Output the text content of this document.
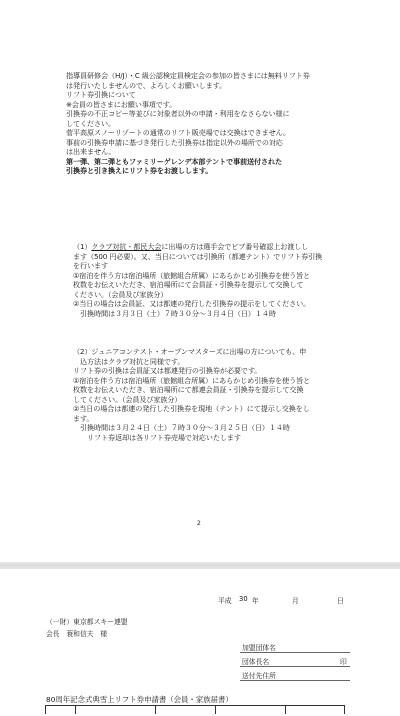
指導員研修会（H/J）・C 級公認検定員検定会の参加の皆さまには無料リフト券
は発行いたしませんので、よろしくお願いします。
リフト券引換について
※会員の皆さまにお願い事項です。
引換券の不正コピー等並びに対象者以外の申請・利用をなさらない様に
してください。
菅平高原スノーリゾートの通常のリフト販売場では交換はできません。
事前の引換券申請に基づき発行した引換券は指定以外の場所での対応
は出来ません。
第一弾、第二弾ともファミリーゲレンデ本部テントで事前送付された
引換券と引き換えにリフト券をお渡しします。
（1）クラブ対抗・都民大会に出場の方は選手会でビブ番号確認上お渡しし
ます（500 円必要）。又、当日については引換所（都連テント）でリフト券引換
を行います
①宿泊を伴う方は宿泊場所（旅館組合所属）にあらかじめ引換券を使う旨と
枚数をお伝えいただき、宿泊場所にて会員証・引換券を提示して交換して
ください。（会員及び家族分）
②当日の場合は会員証、又は都連の発行した引換券の提示をしてください。
　引換時間は３月３日（土）７時３０分～３月４日（日）１４時
（2）ジュニアコンテスト・オープンマスターズに出場の方についても、申
　込方法はクラブ対抗と同様です。
リフト券の引換は会員証又は都連発行の引換券が必要です。
①宿泊を伴う方は宿泊場所（旅館組合所属）にあらかじめ引換券を使う旨と
枚数をお伝えいただき、宿泊場所にて都連会員証・引換券を提示して交換
してください。（会員及び家族分）
②当日の場合は都連の発行した引換券を現地（テント）にて提示し交換をし
ます。
　引換時間は３月２４日（土）７時３０分～３月２５日（日）１４時
　　リフト券返却は各リフト券売場で対応いたします
2
平成 30 年	月	日
（一財）東京都スキー連盟
会長　蓑和信夫　様
加盟団体名
団体長名	印
送付先住所
80周年記念式典雪上リフト券申請書（会員・家族届書）
